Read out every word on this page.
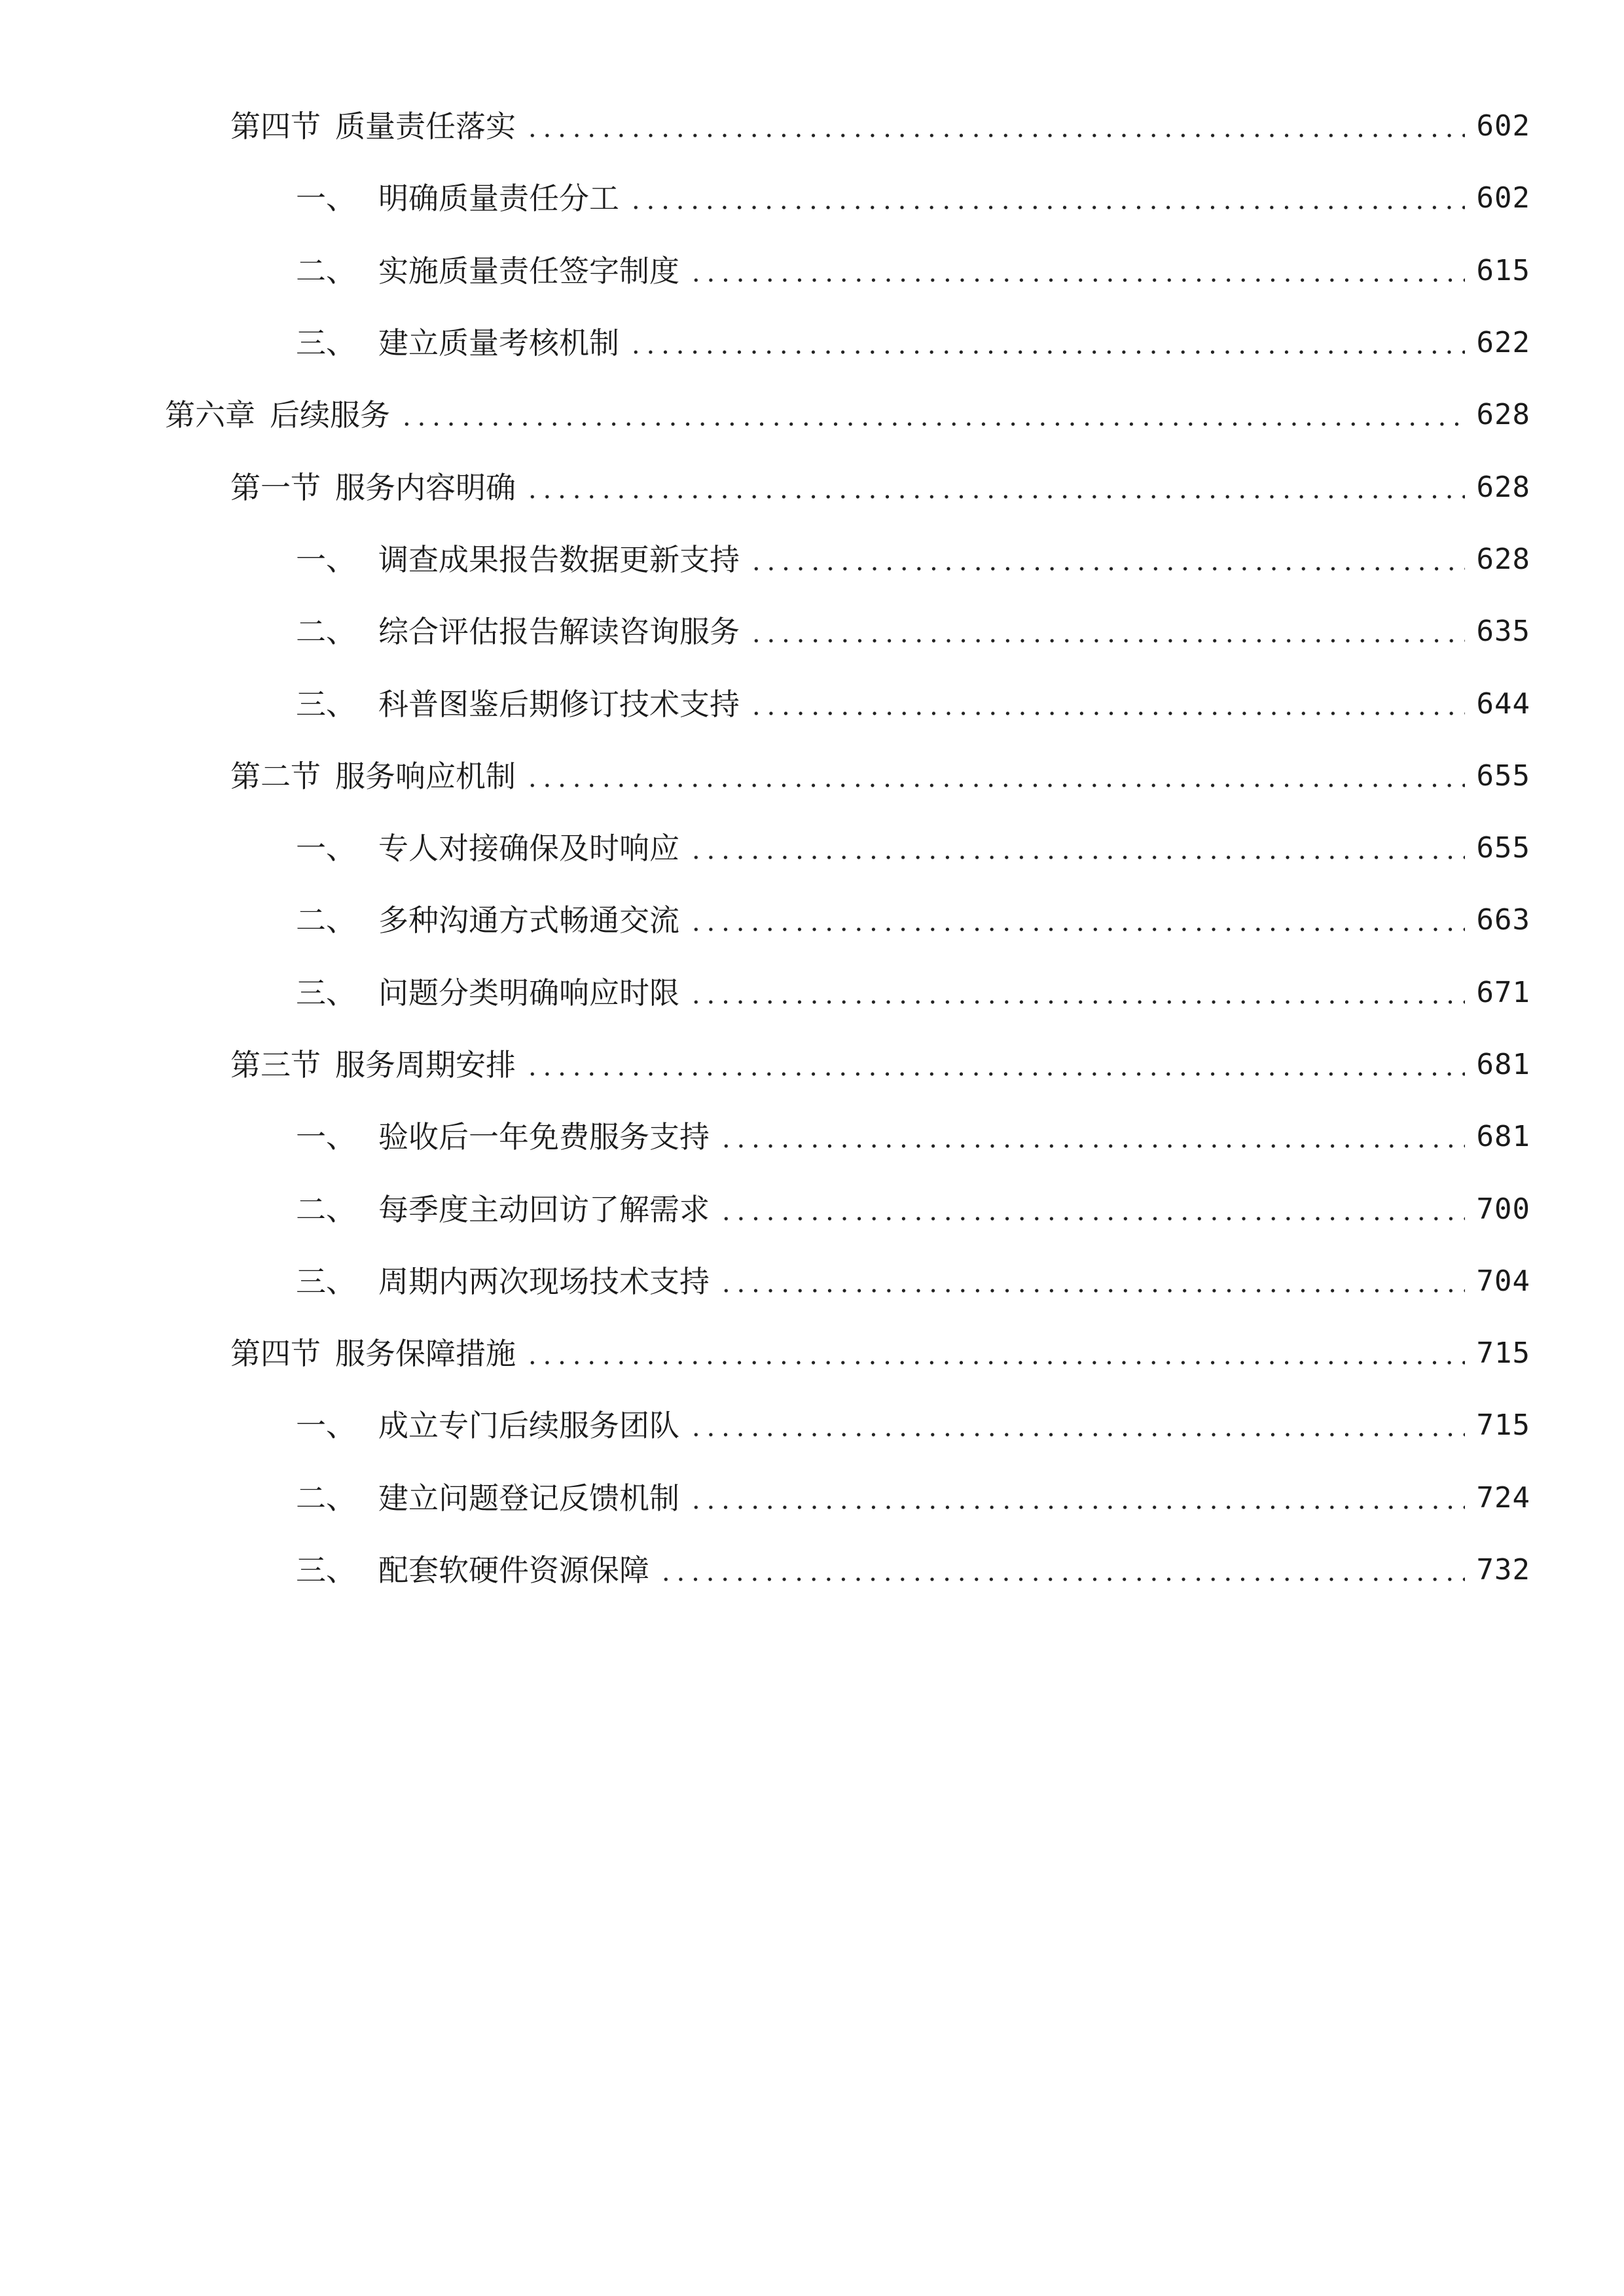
第四节 质量责任落实	602
一、 明确质量责任分工	602
二、 实施质量责任签字制度	615
三、 建立质量考核机制	622
第六章 后续服务	628
第一节 服务内容明确	628
一、 调查成果报告数据更新支持	628
二、 综合评估报告解读咨询服务	635
三、 科普图鉴后期修订技术支持	644
第二节 服务响应机制	655
一、 专人对接确保及时响应	655
二、 多种沟通方式畅通交流	663
三、 问题分类明确响应时限	671
第三节 服务周期安排	681
一、 验收后一年免费服务支持	681
二、 每季度主动回访了解需求	700
三、 周期内两次现场技术支持	704
第四节 服务保障措施	715
一、 成立专门后续服务团队	715
二、 建立问题登记反馈机制	724
三、 配套软硬件资源保障	732
